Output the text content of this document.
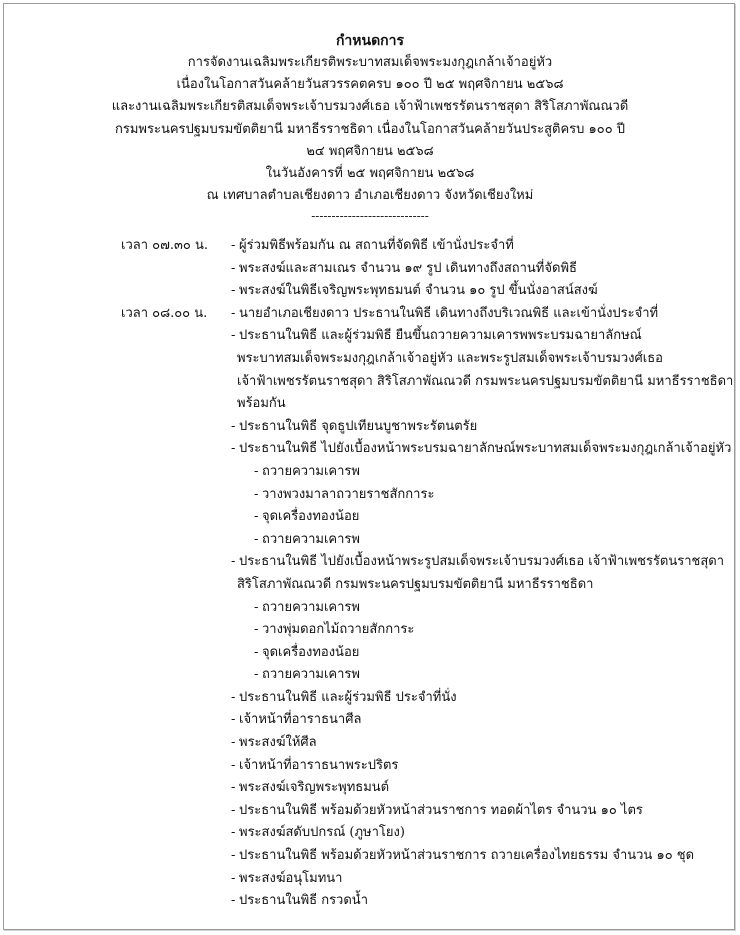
กำหนดการ
การจัดงานเฉลิมพระเกียรติพระบาทสมเด็จพระมงกุฎเกล้าเจ้าอยู่หัว
เนื่องในโอกาสวันคล้ายวันสวรรคตครบ ๑๐๐ ปี ๒๕ พฤศจิกายน ๒๕๖๘
และงานเฉลิมพระเกียรติสมเด็จพระเจ้าบรมวงศ์เธอ เจ้าฟ้าเพชรรัตนราชสุดา สิริโสภาพัณณวดี
กรมพระนครปฐมบรมขัตติยานี มหาธีรราชธิดา เนื่องในโอกาสวันคล้ายวันประสูติครบ ๑๐๐ ปี
๒๔ พฤศจิกายน ๒๕๖๘
ในวันอังคารที่ ๒๕ พฤศจิกายน ๒๕๖๘
ณ เทศบาลตำบลเชียงดาว อำเภอเชียงดาว จังหวัดเชียงใหม่
-----------------------------
เวลา ๐๗.๓๐ น. - ผู้ร่วมพิธีพร้อมกัน ณ สถานที่จัดพิธี เข้านั่งประจำที่
- พระสงฆ์และสามเณร จำนวน ๑๙ รูป เดินทางถึงสถานที่จัดพิธี
- พระสงฆ์ในพิธีเจริญพระพุทธมนต์ จำนวน ๑๐ รูป ขึ้นนั่งอาสน์สงฆ์
เวลา ๐๘.๐๐ น. - นายอำเภอเชียงดาว ประธานในพิธี เดินทางถึงบริเวณพิธี และเข้านั่งประจำที่
- ประธานในพิธี และผู้ร่วมพิธี ยืนขึ้นถวายความเคารพพระบรมฉายาลักษณ์
พระบาทสมเด็จพระมงกุฎเกล้าเจ้าอยู่หัว และพระรูปสมเด็จพระเจ้าบรมวงศ์เธอ
เจ้าฟ้าเพชรรัตนราชสุดา สิริโสภาพัณณวดี กรมพระนครปฐมบรมขัตติยานี มหาธีรราชธิดา
พร้อมกัน
- ประธานในพิธี จุดธูปเทียนบูชาพระรัตนตรัย
- ประธานในพิธี ไปยังเบื้องหน้าพระบรมฉายาลักษณ์พระบาทสมเด็จพระมงกุฎเกล้าเจ้าอยู่หัว
- ถวายความเคารพ
- วางพวงมาลาถวายราชสักการะ
- จุดเครื่องทองน้อย
- ถวายความเคารพ
- ประธานในพิธี ไปยังเบื้องหน้าพระรูปสมเด็จพระเจ้าบรมวงศ์เธอ เจ้าฟ้าเพชรรัตนราชสุดา
สิริโสภาพัณณวดี กรมพระนครปฐมบรมขัตติยานี มหาธีรราชธิดา
- ถวายความเคารพ
- วางพุ่มดอกไม้ถวายสักการะ
- จุดเครื่องทองน้อย
- ถวายความเคารพ
- ประธานในพิธี และผู้ร่วมพิธี ประจำที่นั่ง
- เจ้าหน้าที่อาราธนาศีล
- พระสงฆ์ให้ศีล
- เจ้าหน้าที่อาราธนาพระปริตร
- พระสงฆ์เจริญพระพุทธมนต์
- ประธานในพิธี พร้อมด้วยหัวหน้าส่วนราชการ ทอดผ้าไตร จำนวน ๑๐ ไตร
- พระสงฆ์สดับปกรณ์ (ภูษาโยง)
- ประธานในพิธี พร้อมด้วยหัวหน้าส่วนราชการ ถวายเครื่องไทยธรรม จำนวน ๑๐ ชุด
- พระสงฆ์อนุโมทนา
- ประธานในพิธี กรวดน้ำ
